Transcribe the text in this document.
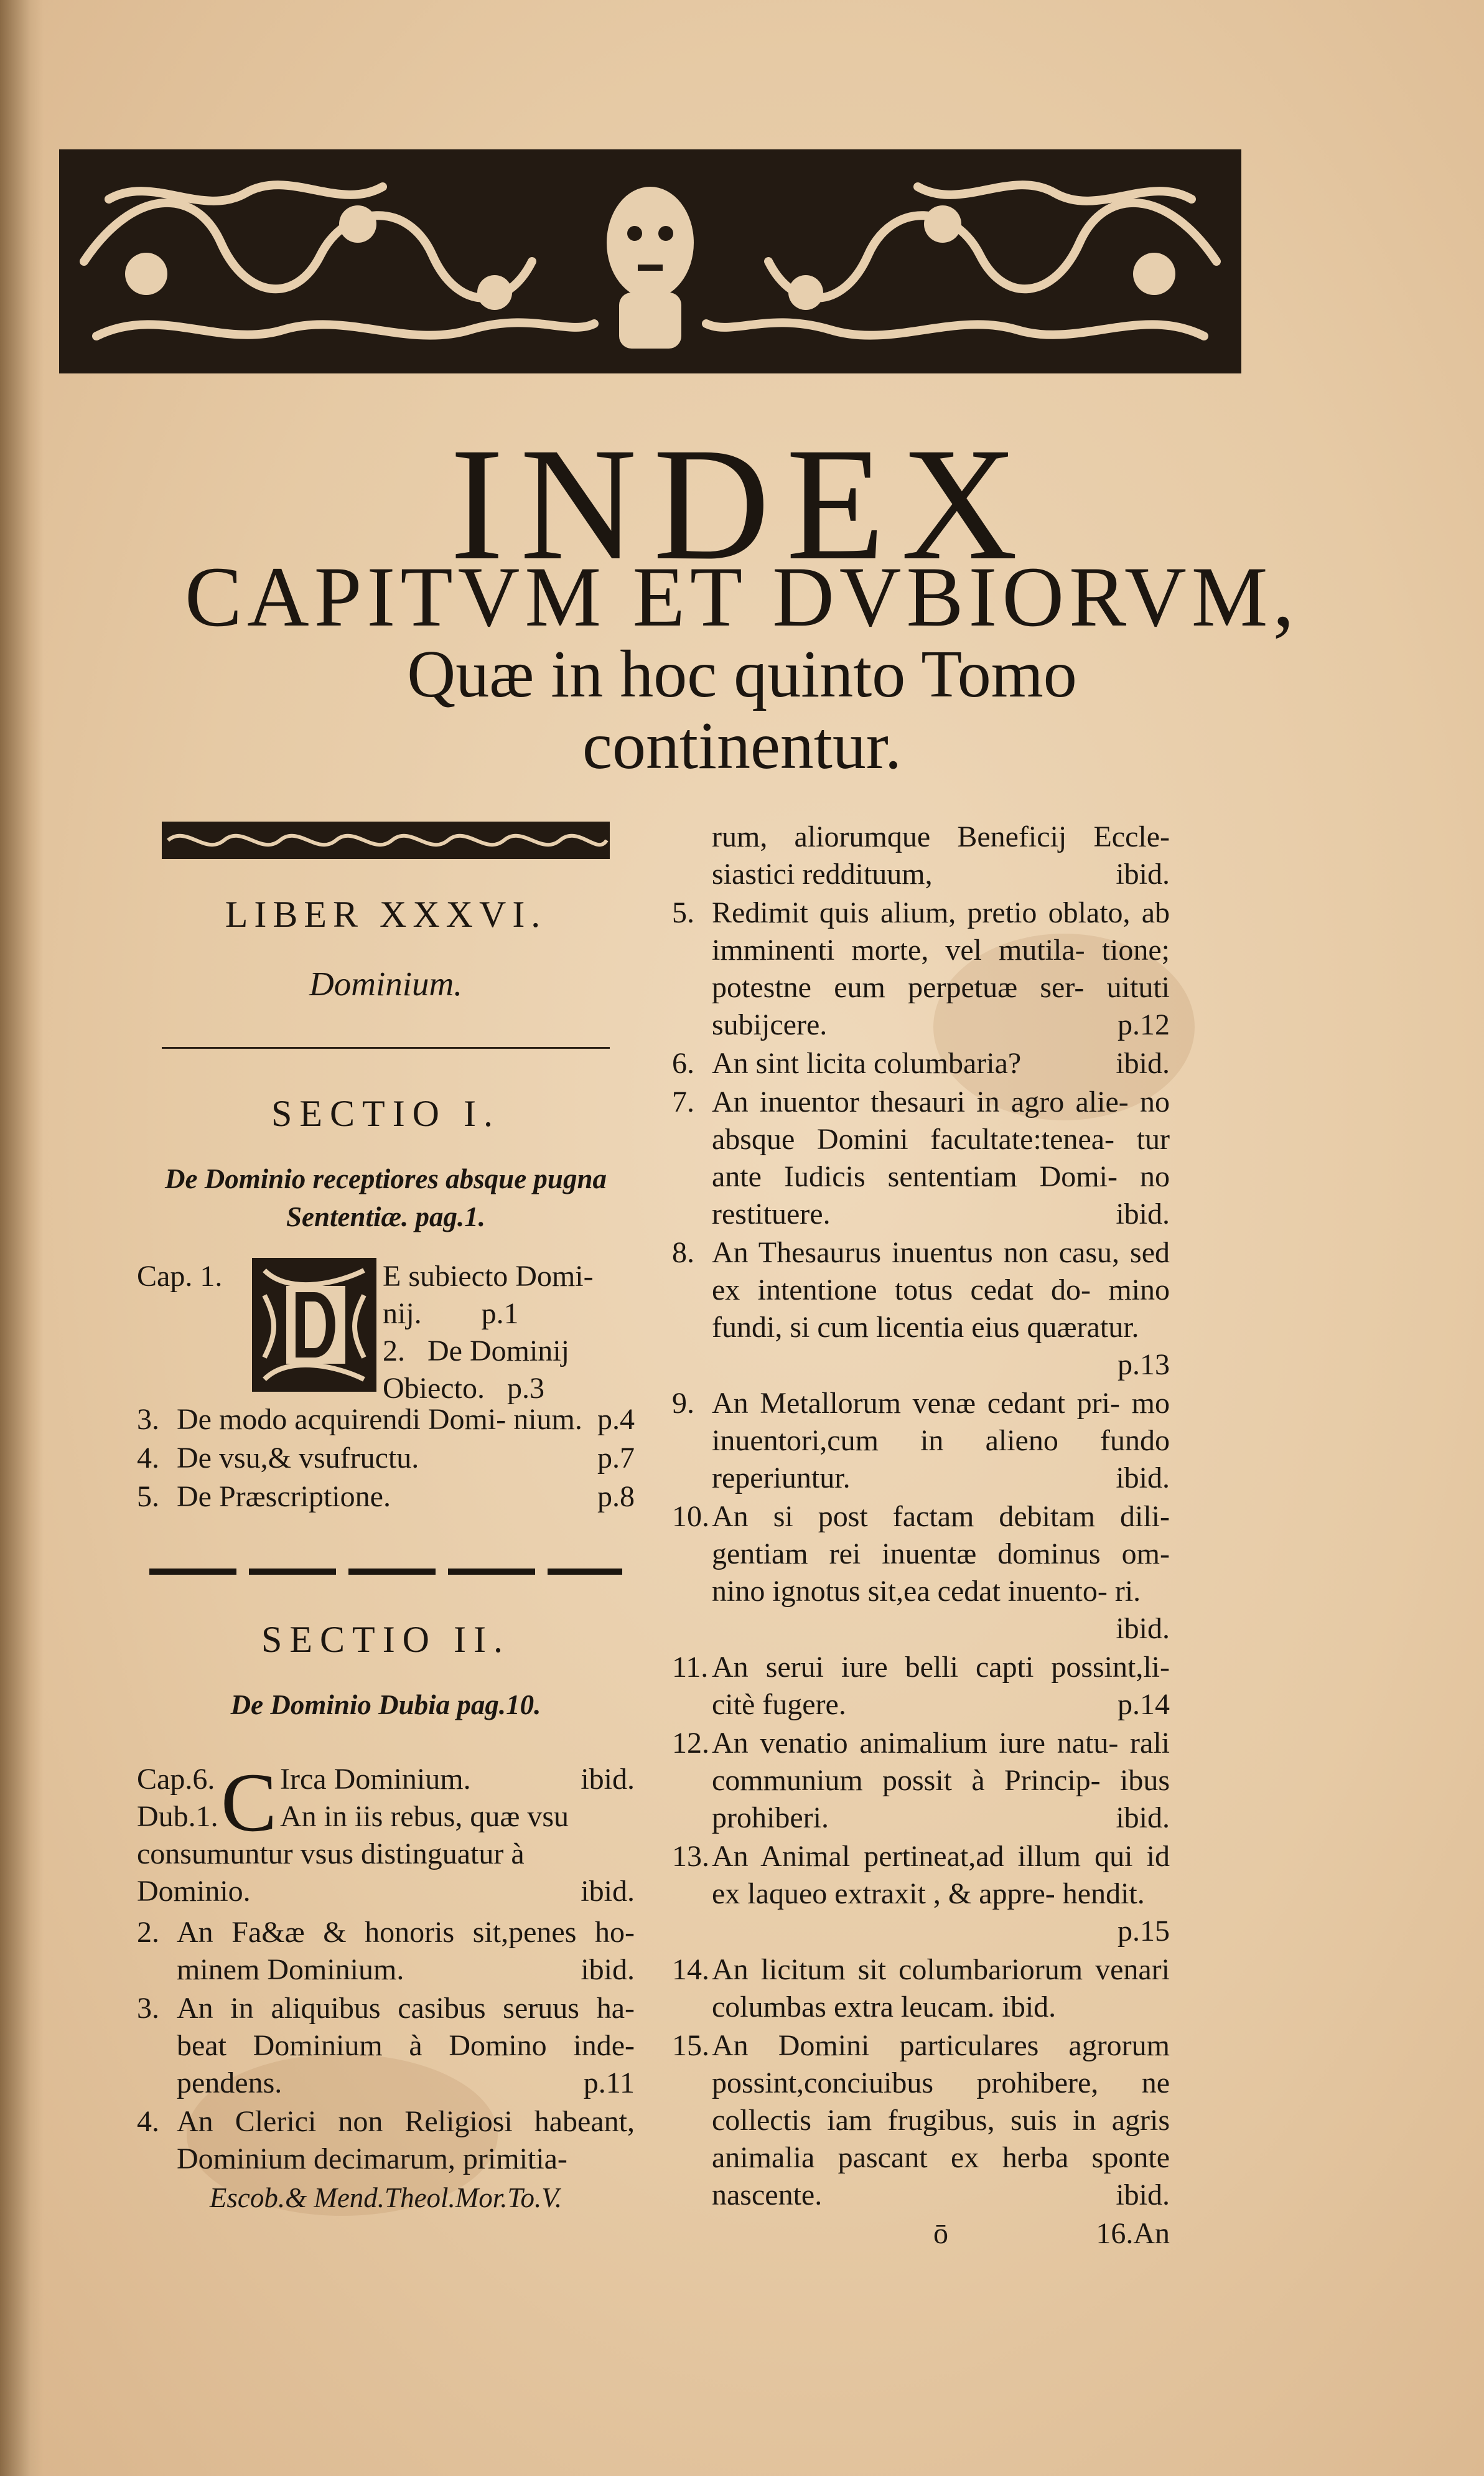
INDEX
CAPITVM ET DVBIORVM,
Quæ in hoc quinto Tomo
continentur.
LIBER XXXVI.
Dominium.
SECTIO I.
De Dominio receptiores absque pugna
Sententiæ. pag.1.
Cap. 1.	E subiecto Domi-
nij.        p.1
2.   De Dominij
Obiecto.   p.3
3. De modo acquirendi Domi- nium. p.4
4. De vsu,& vsufructu.	p.7
5. De Præscriptione.	p.8
SECTIO II.
De Dominio Dubia pag.10.
Cap.6.
Dub.1. C Irca Dominium.	ibid.
An in iis rebus, quæ vsu
consumuntur vsus distinguatur à
Dominio.	ibid.
2. An Fa&æ & honoris sit,penes ho- minem Dominium.	ibid.
3. An in aliquibus casibus seruus ha- beat Dominium à Domino inde- pendens.	p.11
4. An Clerici non Religiosi habeant, Dominium decimarum, primitia-
Escob.& Mend.Theol.Mor.To.V.
rum, aliorumque Beneficij Eccle- siastici reddituum,	ibid.
5. Redimit quis alium, pretio oblato, ab imminenti morte, vel mutila- tione; potestne eum perpetuæ ser- uituti subijcere.	p.12
6. An sint licita columbaria?	ibid.
7. An inuentor thesauri in agro alie- no absque Domini facultate:tenea- tur ante Iudicis sententiam Domi- no restituere.	ibid.
8. An Thesaurus inuentus non casu, sed ex intentione totus cedat do- mino fundi, si cum licentia eius quæratur.
p.13
9. An Metallorum venæ cedant pri- mo inuentori,cum in alieno fundo reperiuntur.	ibid.
10. An si post factam debitam dili- gentiam rei inuentæ dominus om- nino ignotus sit,ea cedat inuento- ri.
ibid.
11. An serui iure belli capti possint,li- citè fugere.	p.14
12. An venatio animalium iure natu- rali communium possit à Princip- ibus prohiberi.	ibid.
13. An Animal pertineat,ad illum qui id ex laqueo extraxit , & appre- hendit.
p.15
14. An licitum sit columbariorum venari columbas extra leucam. ibid.
15. An Domini particulares agrorum possint,conciuibus prohibere, ne collectis iam frugibus, suis in agris animalia pascant ex herba sponte nascente.	ibid.
ō	16.An
